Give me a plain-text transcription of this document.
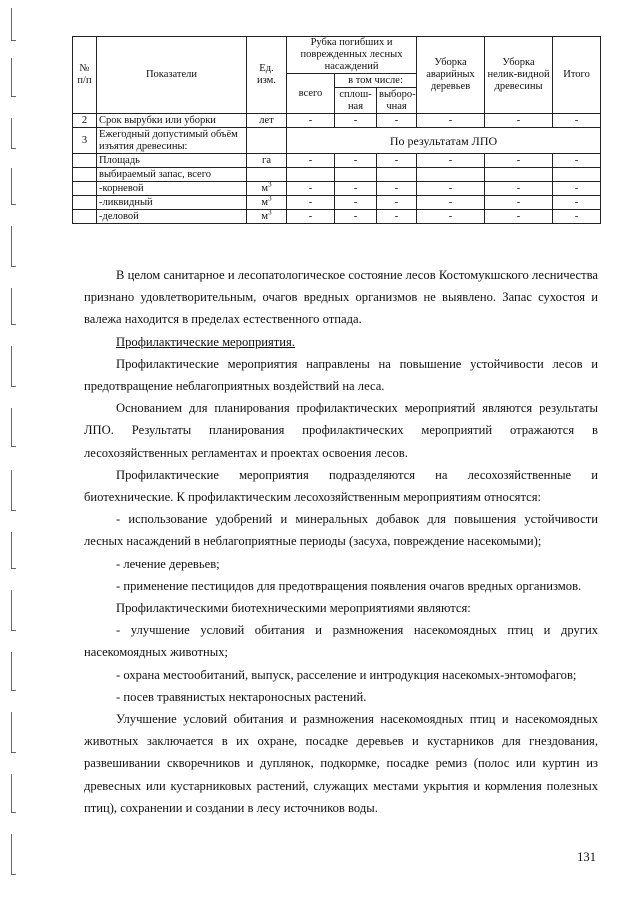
№ п/п	Показатели	Ед. изм.	Рубка погибших и поврежденных лесных насаждений			Уборка аварийных деревьев	Уборка нелик-видной древесины	Итого
			всего	в том числе:				
				сплош-ная	выборо-чная			
2	Срок вырубки или уборки	лет	-	-	-	-	-	-
3	Ежегодный допустимый объём изъятия древесины:		По результатам ЛПО					
	Площадь	га	-	-	-	-	-	-
	выбираемый запас, всего							
	-корневой	$м^3$	-	-	-	-	-	-
	-ликвидный	$м^3$	-	-	-	-	-	-
	-деловой	$м^3$	-	-	-	-	-	-

В целом санитарное и лесопатологическое состояние лесов Костомукшского лесничества признано удовлетворительным, очагов вредных организмов не выявлено. Запас сухостоя и валежа находится в пределах естественного отпада.

Профилактические мероприятия.

Профилактические мероприятия направлены на повышение устойчивости лесов и предотвращение неблагоприятных воздействий на леса.

Основанием для планирования профилактических мероприятий являются результаты ЛПО. Результаты планирования профилактических мероприятий отражаются в лесохозяйственных регламентах и проектах освоения лесов.

Профилактические мероприятия подразделяются на лесохозяйственные и биотехнические. К профилактическим лесохозяйственным мероприятиям относятся:

- использование удобрений и минеральных добавок для повышения устойчивости лесных насаждений в неблагоприятные периоды (засуха, повреждение насекомыми);

- лечение деревьев;

- применение пестицидов для предотвращения появления очагов вредных организмов.

Профилактическими биотехническими мероприятиями являются:

- улучшение условий обитания и размножения насекомоядных птиц и других насекомоядных животных;

- охрана местообитаний, выпуск, расселение и интродукция насекомых-энтомофагов;

- посев травянистых нектароносных растений.

Улучшение условий обитания и размножения насекомоядных птиц и насекомоядных животных заключается в их охране, посадке деревьев и кустарников для гнездования, развешивании скворечников и дуплянок, подкормке, посадке ремиз (полос или куртин из древесных или кустарниковых растений, служащих местами укрытия и кормления полезных птиц), сохранении и создании в лесу источников воды.

131
